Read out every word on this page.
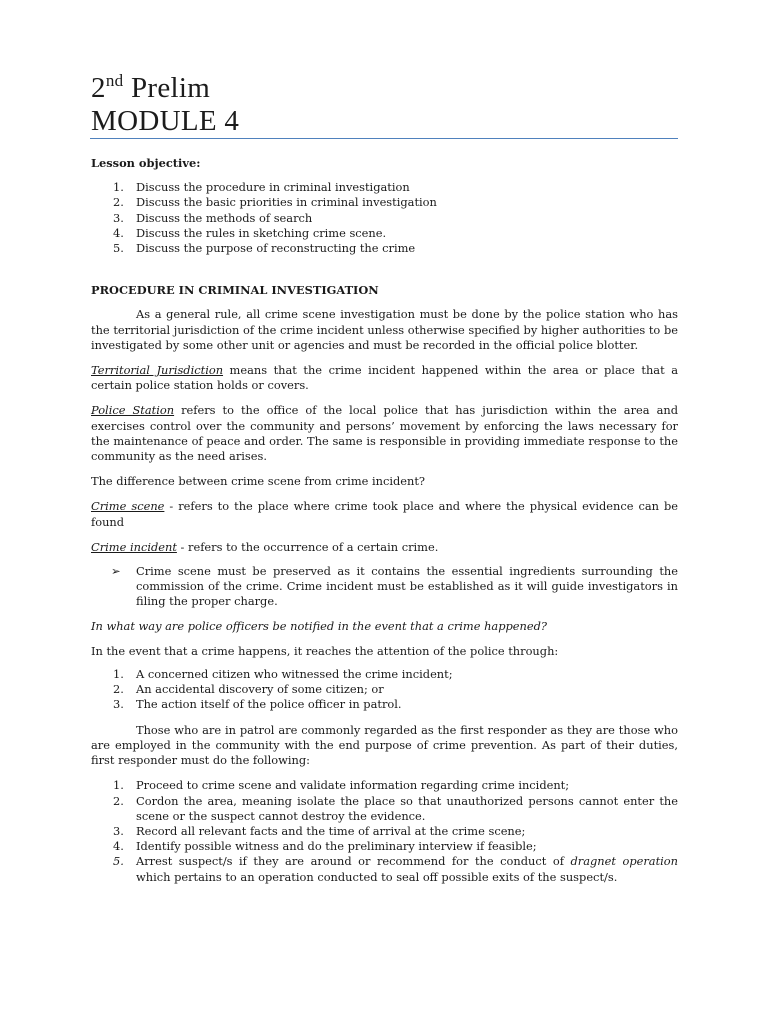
2nd Prelim
MODULE 4

Lesson objective:

1. Discuss the procedure in criminal investigation
2. Discuss the basic priorities in criminal investigation
3. Discuss the methods of search
4. Discuss the rules in sketching crime scene.
5. Discuss the purpose of reconstructing the crime

PROCEDURE IN CRIMINAL INVESTIGATION

As a general rule, all crime scene investigation must be done by the police station who has the territorial jurisdiction of the crime incident unless otherwise specified by higher authorities to be investigated by some other unit or agencies and must be recorded in the official police blotter.

Territorial Jurisdiction means that the crime incident happened within the area or place that a certain police station holds or covers.

Police Station refers to the office of the local police that has jurisdiction within the area and exercises control over the community and persons’ movement by enforcing the laws necessary for the maintenance of peace and order. The same is responsible in providing immediate response to the community as the need arises.

The difference between crime scene from crime incident?

Crime scene - refers to the place where crime took place and where the physical evidence can be found

Crime incident - refers to the occurrence of a certain crime.

➢ Crime scene must be preserved as it contains the essential ingredients surrounding the commission of the crime. Crime incident must be established as it will guide investigators in filing the proper charge.

In what way are police officers be notified in the event that a crime happened?

In the event that a crime happens, it reaches the attention of the police through:

1. A concerned citizen who witnessed the crime incident;
2. An accidental discovery of some citizen; or
3. The action itself of the police officer in patrol.

Those who are in patrol are commonly regarded as the first responder as they are those who are employed in the community with the end purpose of crime prevention. As part of their duties, first responder must do the following:

1. Proceed to crime scene and validate information regarding crime incident;
2. Cordon the area, meaning isolate the place so that unauthorized persons cannot enter the scene or the suspect cannot destroy the evidence.
3. Record all relevant facts and the time of arrival at the crime scene;
4. Identify possible witness and do the preliminary interview if feasible;
5. Arrest suspect/s if they are around or recommend for the conduct of dragnet operation which pertains to an operation conducted to seal off possible exits of the suspect/s.
